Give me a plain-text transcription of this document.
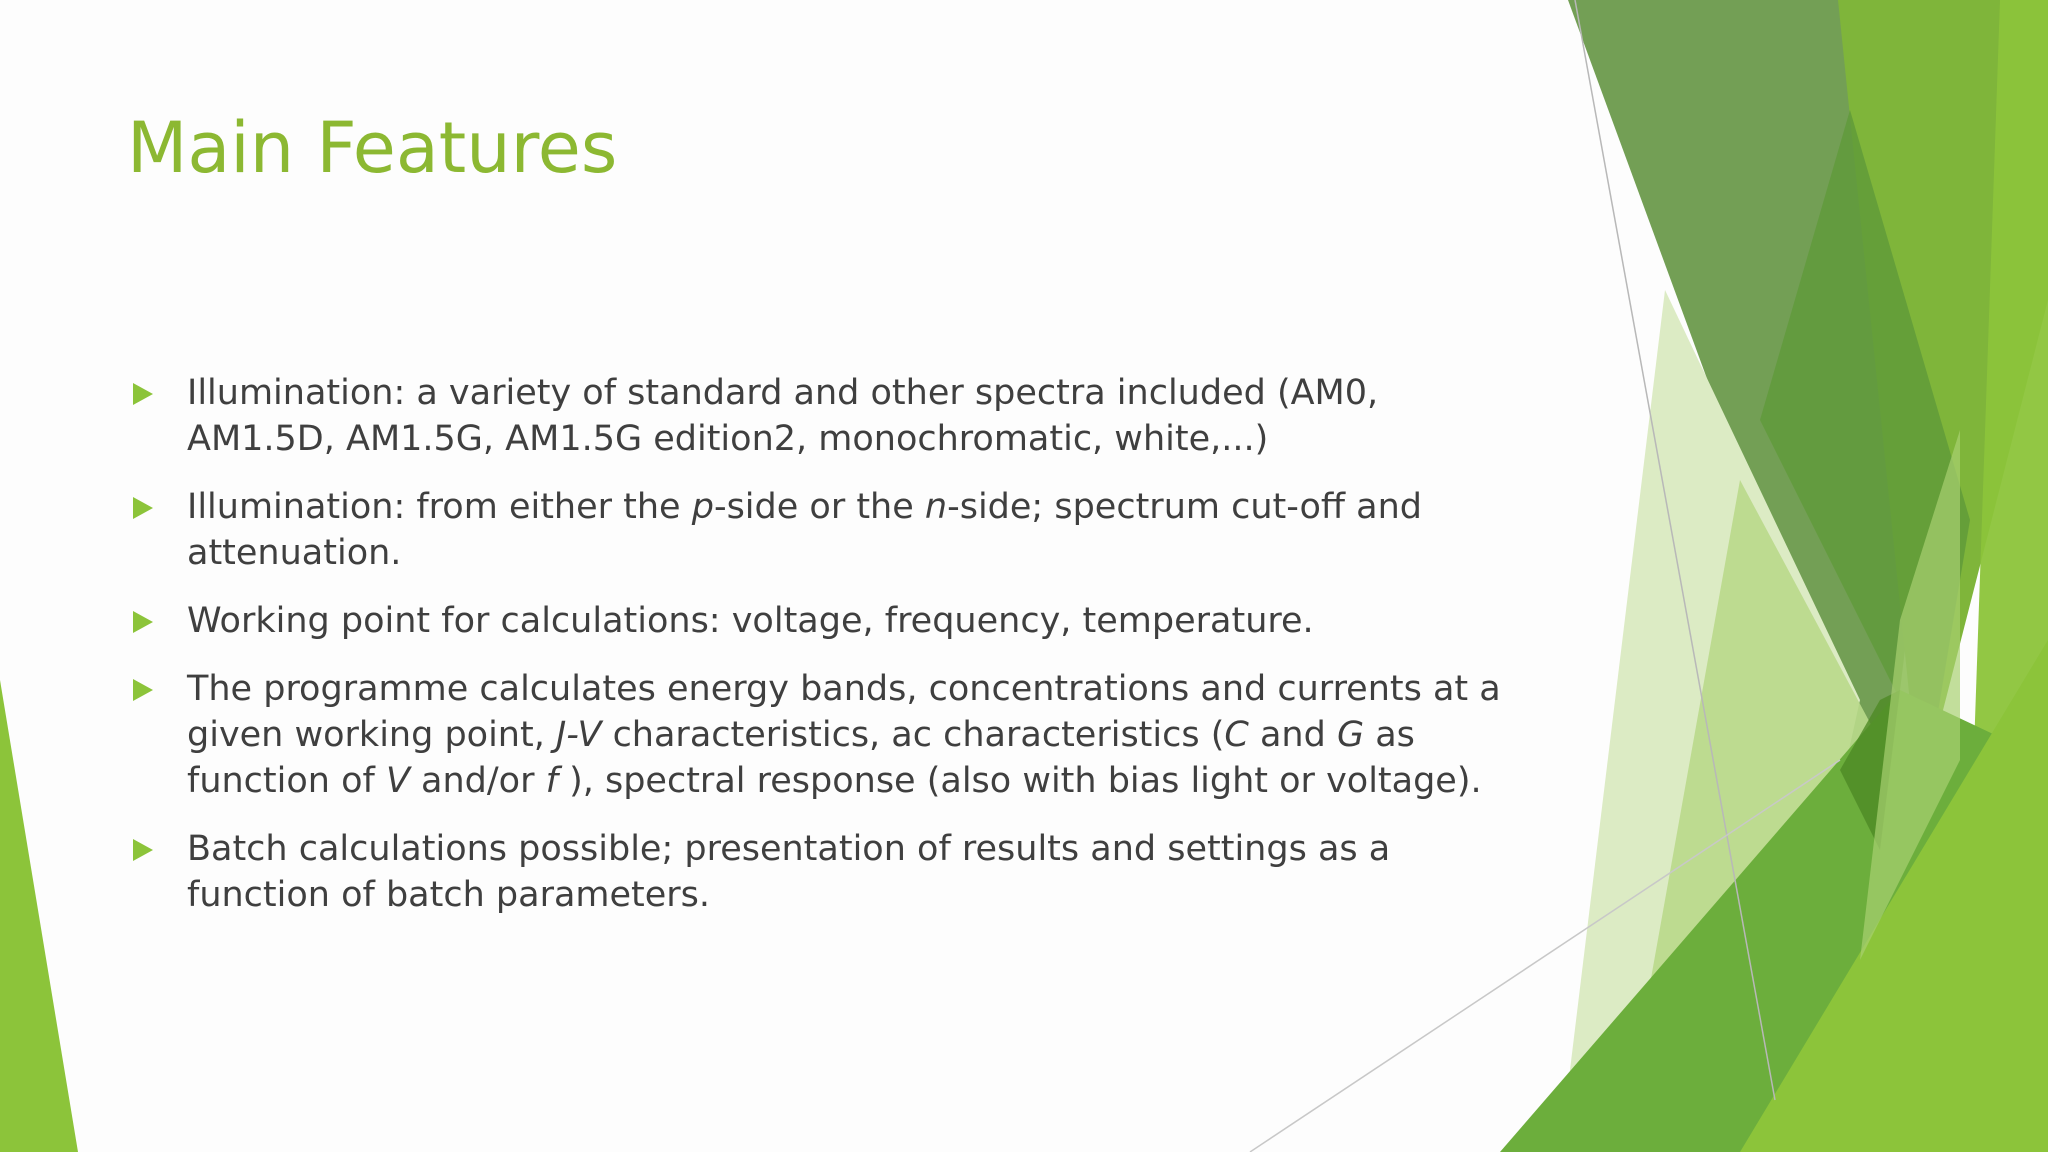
Main Features
Illumination: a variety of standard and other spectra included (AM0, AM1.5D, AM1.5G, AM1.5G edition2, monochromatic, white,...)
Illumination: from either the p-side or the n-side; spectrum cut-off and attenuation.
Working point for calculations: voltage, frequency, temperature.
The programme calculates energy bands, concentrations and currents at a given working point, J-V characteristics, ac characteristics (C and G as function of V and/or f ), spectral response (also with bias light or voltage).
Batch calculations possible; presentation of results and settings as a function of batch parameters.
